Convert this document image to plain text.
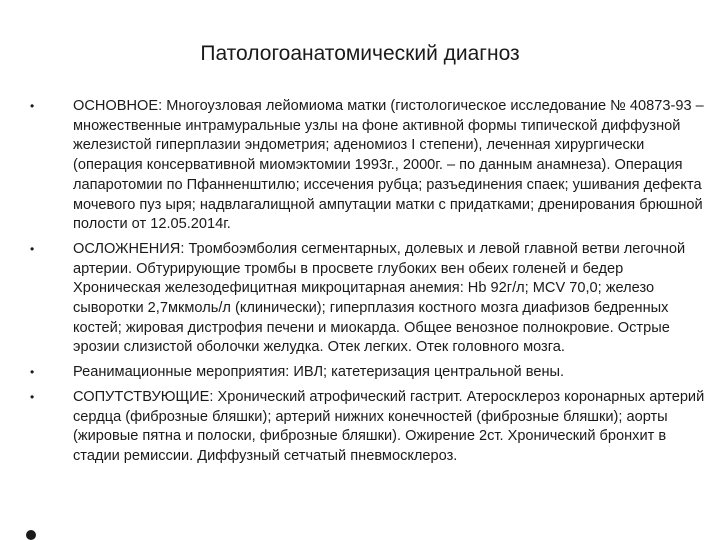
Патологоанатомический диагноз
•	ОСНОВНОЕ: Многоузловая лейомиома матки (гистологическое исследование № 40873-93 – множественные интрамуральные узлы на фоне активной формы типической диффузной железистой гиперплазии эндометрия; аденомиоз I степени), леченная хирургически (операция консервативной миомэктомии 1993г., 2000г. – по данным анамнеза). Операция лапаротомии по Пфанненштилю; иссечения рубца; разъединения спаек; ушивания дефекта мочевого пуз ыря; надвлагалищной ампутации матки с придатками; дренирования брюшной полости от 12.05.2014г.
•	ОСЛОЖНЕНИЯ: Тромбоэмболия сегментарных, долевых и левой главной ветви легочной артерии. Обтурирующие тромбы в просвете глубоких вен обеих голеней и бедер Хроническая железодефицитная микроцитарная анемия: Hb 92г/л; MCV 70,0; железо сыворотки 2,7мкмоль/л (клинически); гиперплазия костного мозга диафизов бедренных костей; жировая дистрофия печени и миокарда. Общее венозное полнокровие. Острые эрозии слизистой оболочки желудка. Отек легких. Отек головного мозга.
•	Реанимационные мероприятия: ИВЛ; катетеризация центральной вены.
•	СОПУТСТВУЮЩИЕ: Хронический атрофический гастрит. Атеросклероз коронарных артерий сердца (фиброзные бляшки); артерий нижних конечностей (фиброзные бляшки); аорты (жировые пятна и полоски, фиброзные бляшки). Ожирение 2ст. Хронический бронхит в стадии ремиссии. Диффузный сетчатый пневмосклероз.
